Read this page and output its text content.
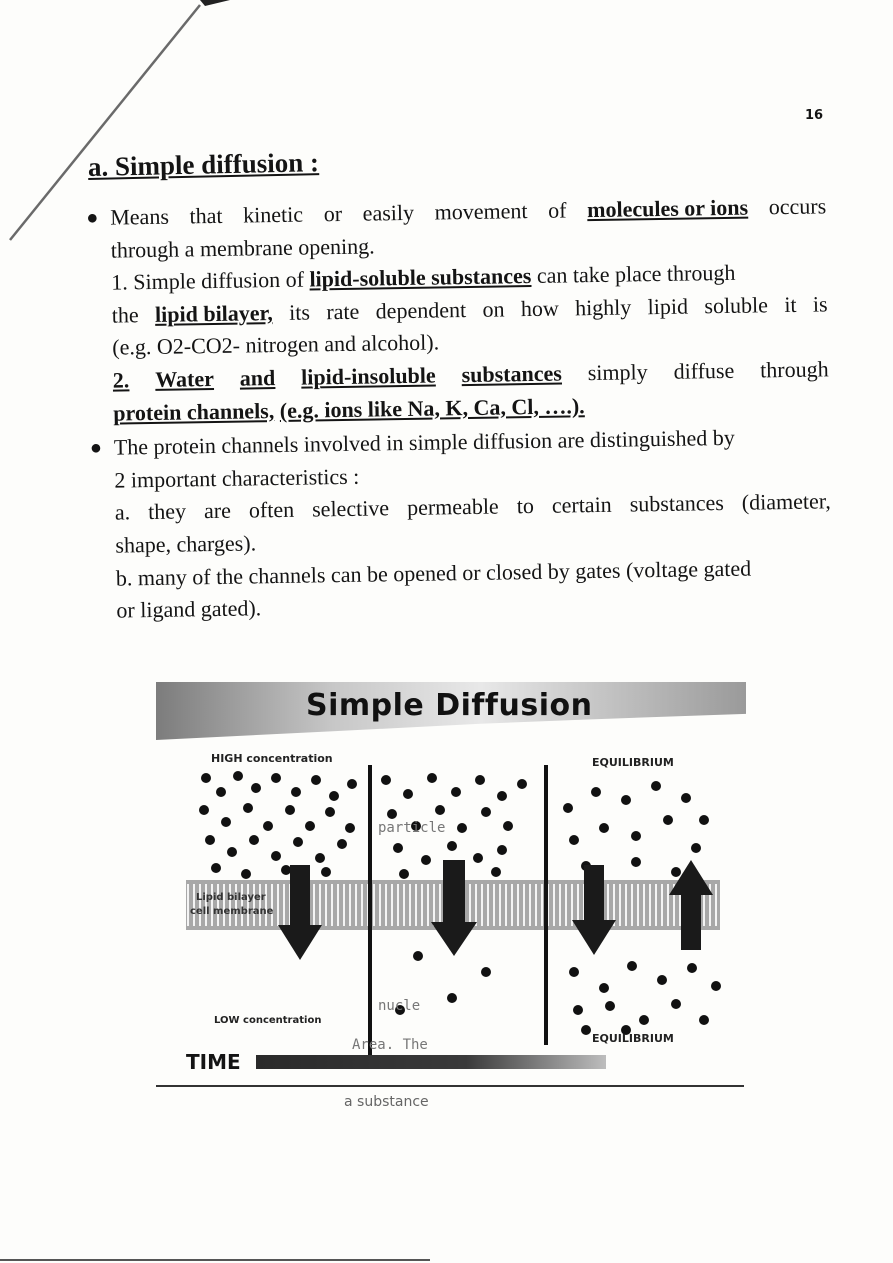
16
a. Simple diffusion :
● Means that kinetic or easily movement of molecules or ions occurs
through a membrane opening.
1. Simple diffusion of lipid-soluble substances can take place through
the lipid bilayer, its rate dependent on how highly lipid soluble it is
(e.g. O2-CO2- nitrogen and alcohol).
2. Water and lipid-insoluble substances simply diffuse through
protein channels, (e.g. ions like Na, K, Ca, Cl, ….).
● The protein channels involved in simple diffusion are distinguished by
2 important characteristics :
a. they are often selective permeable to certain substances (diameter,
shape, charges).
b. many of the channels can be opened or closed by gates (voltage gated
or ligand gated).
Simple Diffusion
HIGH concentration	EQUILIBRIUM
Lipid bilayer
cell membrane
LOW concentration
EQUILIBRIUM
particle
nucle
Area. The
TIME
a substance
